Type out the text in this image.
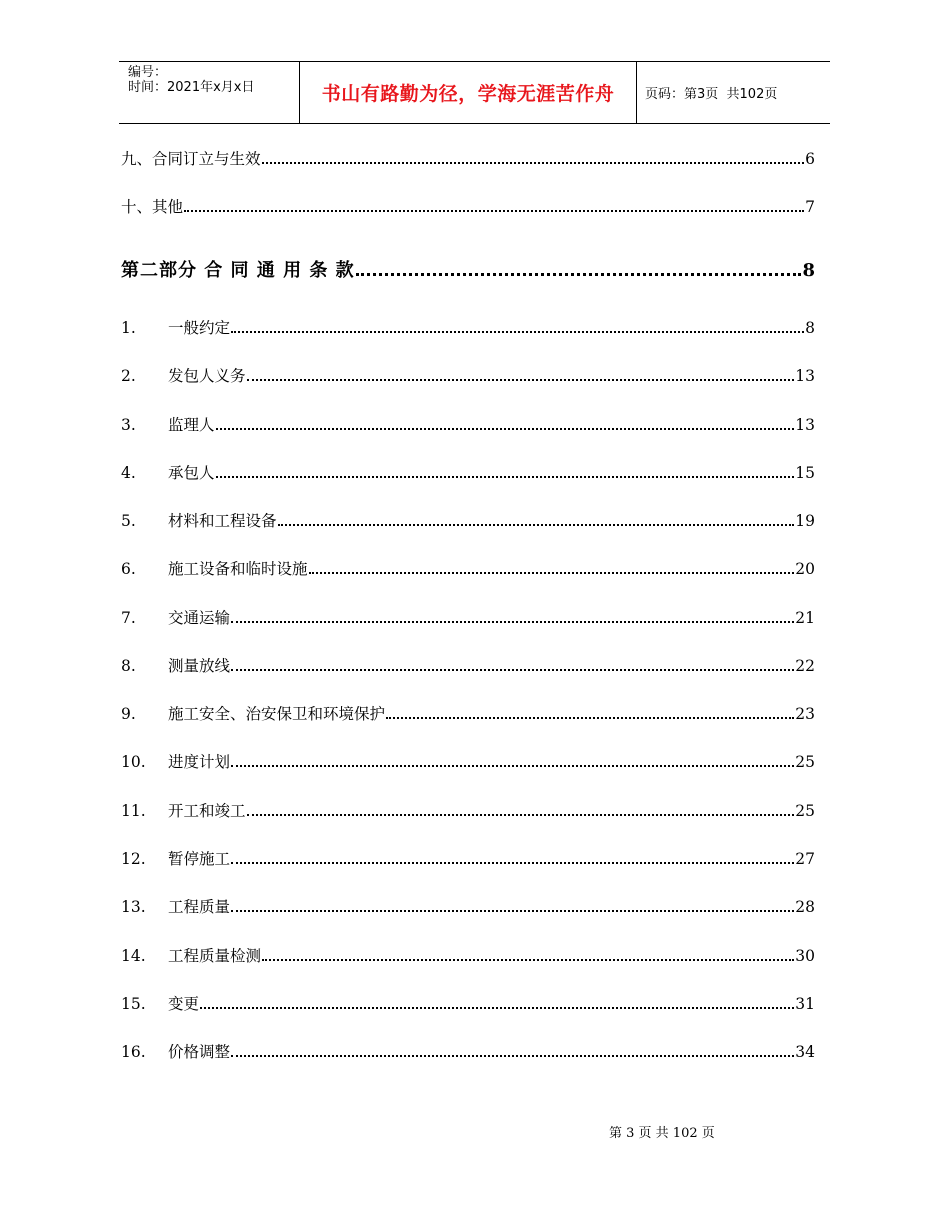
编号：
时间：2021年x月x日	书山有路勤为径，学海无涯苦作舟	页码：第3页  共102页
九、合同订立与生效	6
十、其他	7
第二部分 合 同 通 用 条 款	8
1.	一般约定	8
2.	发包人义务	13
3.	监理人	13
4.	承包人	15
5.	材料和工程设备	19
6.	施工设备和临时设施	20
7.	交通运输	21
8.	测量放线	22
9.	施工安全、治安保卫和环境保护	23
10.	进度计划	25
11.	开工和竣工	25
12.	暂停施工	27
13.	工程质量	28
14.	工程质量检测	30
15.	变更	31
16.	价格调整	34
第 3 页 共 102 页
